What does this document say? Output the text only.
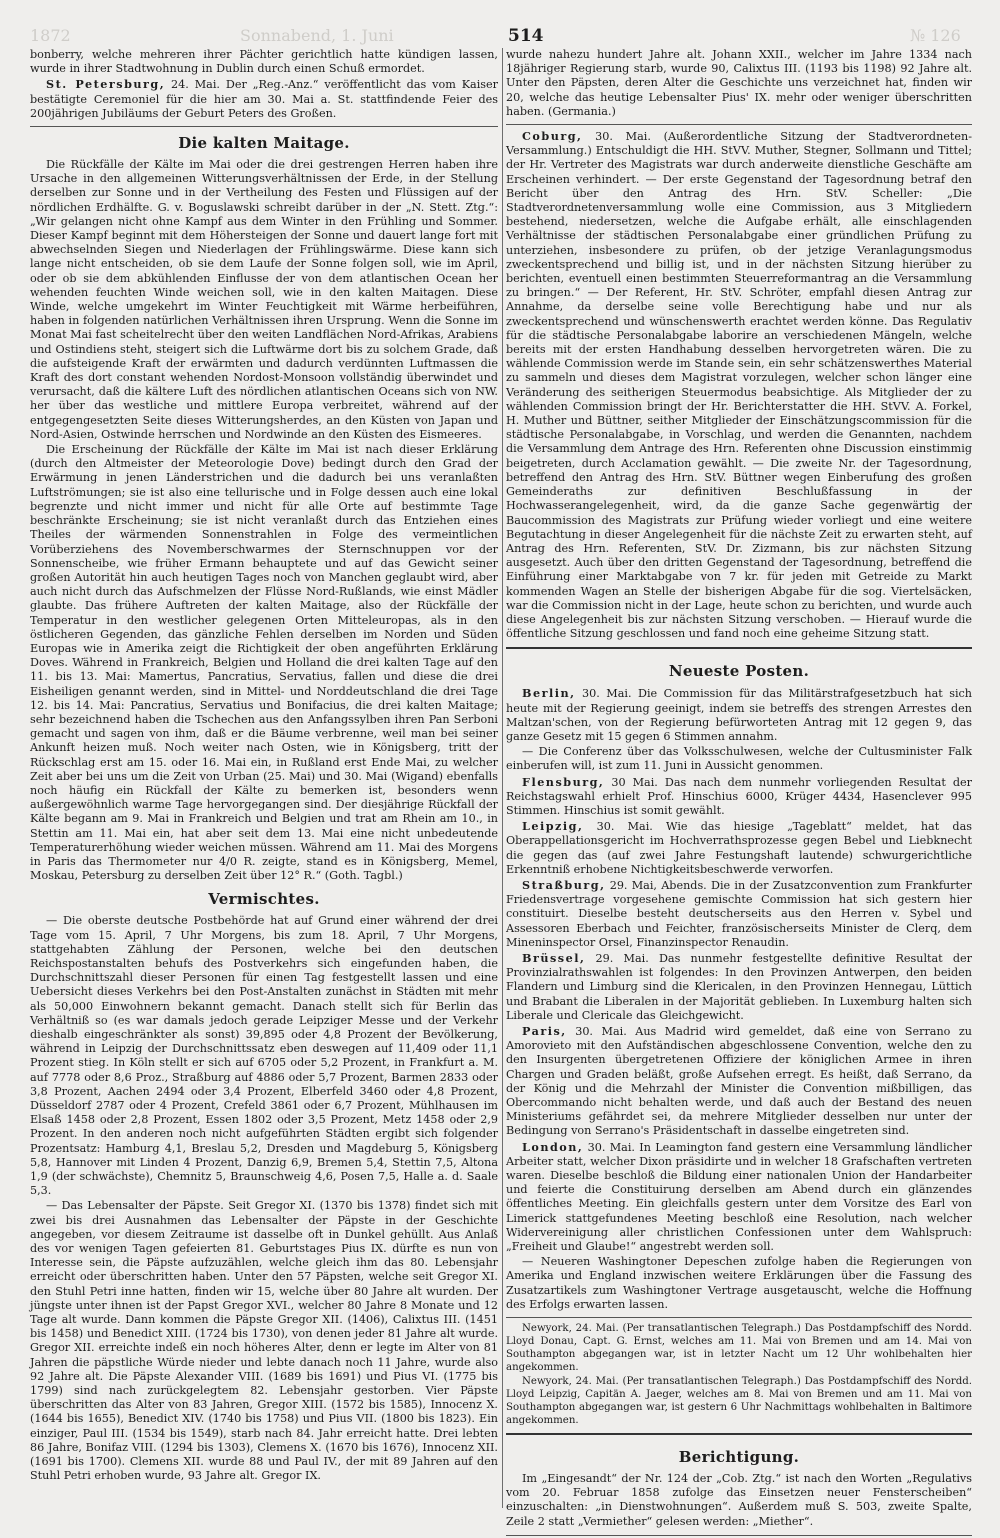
1872	Sonnabend, 1. Juni	514	№ 126

bonberry, welche mehreren ihrer Pächter gerichtlich hatte kündigen lassen, wurde in ihrer Stadtwohnung in Dublin durch einen Schuß ermordet.

St. Petersburg, 24. Mai. Der „Reg.-Anz.“ veröffentlicht das vom Kaiser bestätigte Ceremoniel für die hier am 30. Mai a. St. stattfindende Feier des 200jährigen Jubiläums der Geburt Peters des Großen.

Die kalten Maitage.

Die Rückfälle der Kälte im Mai oder die drei gestrengen Herren haben ihre Ursache in den allgemeinen Witterungsverhältnissen der Erde, in der Stellung derselben zur Sonne und in der Vertheilung des Festen und Flüssigen auf der nördlichen Erdhälfte. G. v. Boguslawski schreibt darüber in der „N. Stett. Ztg.“: „Wir gelangen nicht ohne Kampf aus dem Winter in den Frühling und Sommer. Dieser Kampf beginnt mit dem Höhersteigen der Sonne und dauert lange fort mit abwechselnden Siegen und Niederlagen der Frühlingswärme. Diese kann sich lange nicht entscheiden, ob sie dem Laufe der Sonne folgen soll, wie im April, oder ob sie dem abkühlenden Einflusse der von dem atlantischen Ocean her wehenden feuchten Winde weichen soll, wie in den kalten Maitagen. Diese Winde, welche umgekehrt im Winter Feuchtigkeit mit Wärme herbeiführen, haben in folgenden natürlichen Verhältnissen ihren Ursprung. Wenn die Sonne im Monat Mai fast scheitelrecht über den weiten Landflächen Nord-Afrikas, Arabiens und Ostindiens steht, steigert sich die Luftwärme dort bis zu solchem Grade, daß die aufsteigende Kraft der erwärmten und dadurch verdünnten Luftmassen die Kraft des dort constant wehenden Nordost-Monsoon vollständig überwindet und verursacht, daß die kältere Luft des nördlichen atlantischen Oceans sich von NW. her über das westliche und mittlere Europa verbreitet, während auf der entgegengesetzten Seite dieses Witterungsherdes, an den Küsten von Japan und Nord-Asien, Ostwinde herrschen und Nordwinde an den Küsten des Eismeeres.

Die Erscheinung der Rückfälle der Kälte im Mai ist nach dieser Erklärung (durch den Altmeister der Meteorologie Dove) bedingt durch den Grad der Erwärmung in jenen Länderstrichen und die dadurch bei uns veranlaßten Luftströmungen; sie ist also eine tellurische und in Folge dessen auch eine lokal begrenzte und nicht immer und nicht für alle Orte auf bestimmte Tage beschränkte Erscheinung; sie ist nicht veranlaßt durch das Entziehen eines Theiles der wärmenden Sonnenstrahlen in Folge des vermeintlichen Vorüberziehens des Novemberschwarmes der Sternschnuppen vor der Sonnenscheibe, wie früher Ermann behauptete und auf das Gewicht seiner großen Autorität hin auch heutigen Tages noch von Manchen geglaubt wird, aber auch nicht durch das Aufschmelzen der Flüsse Nord-Rußlands, wie einst Mädler glaubte. Das frühere Auftreten der kalten Maitage, also der Rückfälle der Temperatur in den westlicher gelegenen Orten Mitteleuropas, als in den östlicheren Gegenden, das gänzliche Fehlen derselben im Norden und Süden Europas wie in Amerika zeigt die Richtigkeit der oben angeführten Erklärung Doves. Während in Frankreich, Belgien und Holland die drei kalten Tage auf den 11. bis 13. Mai: Mamertus, Pancratius, Servatius, fallen und diese die drei Eisheiligen genannt werden, sind in Mittel- und Norddeutschland die drei Tage 12. bis 14. Mai: Pancratius, Servatius und Bonifacius, die drei kalten Maitage; sehr bezeichnend haben die Tschechen aus den Anfangssylben ihren Pan Serboni gemacht und sagen von ihm, daß er die Bäume verbrenne, weil man bei seiner Ankunft heizen muß. Noch weiter nach Osten, wie in Königsberg, tritt der Rückschlag erst am 15. oder 16. Mai ein, in Rußland erst Ende Mai, zu welcher Zeit aber bei uns um die Zeit von Urban (25. Mai) und 30. Mai (Wigand) ebenfalls noch häufig ein Rückfall der Kälte zu bemerken ist, besonders wenn außergewöhnlich warme Tage hervorgegangen sind. Der diesjährige Rückfall der Kälte begann am 9. Mai in Frankreich und Belgien und trat am Rhein am 10., in Stettin am 11. Mai ein, hat aber seit dem 13. Mai eine nicht unbedeutende Temperaturerhöhung wieder weichen müssen. Während am 11. Mai des Morgens in Paris das Thermometer nur 4/0 R. zeigte, stand es in Königsberg, Memel, Moskau, Petersburg zu derselben Zeit über 12° R.“ (Goth. Tagbl.)

Vermischtes.

— Die oberste deutsche Postbehörde hat auf Grund einer während der drei Tage vom 15. April, 7 Uhr Morgens, bis zum 18. April, 7 Uhr Morgens, stattgehabten Zählung der Personen, welche bei den deutschen Reichspostanstalten behufs des Postverkehrs sich eingefunden haben, die Durchschnittszahl dieser Personen für einen Tag festgestellt lassen und eine Uebersicht dieses Verkehrs bei den Post-Anstalten zunächst in Städten mit mehr als 50,000 Einwohnern bekannt gemacht. Danach stellt sich für Berlin das Verhältniß so (es war damals jedoch gerade Leipziger Messe und der Verkehr dieshalb eingeschränkter als sonst) 39,895 oder 4,8 Prozent der Bevölkerung, während in Leipzig der Durchschnittssatz eben deswegen auf 11,409 oder 11,1 Prozent stieg. In Köln stellt er sich auf 6705 oder 5,2 Prozent, in Frankfurt a. M. auf 7778 oder 8,6 Proz., Straßburg auf 4886 oder 5,7 Prozent, Barmen 2833 oder 3,8 Prozent, Aachen 2494 oder 3,4 Prozent, Elberfeld 3460 oder 4,8 Prozent, Düsseldorf 2787 oder 4 Prozent, Crefeld 3861 oder 6,7 Prozent, Mühlhausen im Elsaß 1458 oder 2,8 Prozent, Essen 1802 oder 3,5 Prozent, Metz 1458 oder 2,9 Prozent. In den anderen noch nicht aufgeführten Städten ergibt sich folgender Prozentsatz: Hamburg 4,1, Breslau 5,2, Dresden und Magdeburg 5, Königsberg 5,8, Hannover mit Linden 4 Prozent, Danzig 6,9, Bremen 5,4, Stettin 7,5, Altona 1,9 (der schwächste), Chemnitz 5, Braunschweig 4,6, Posen 7,5, Halle a. d. Saale 5,3.

— Das Lebensalter der Päpste. Seit Gregor XI. (1370 bis 1378) findet sich mit zwei bis drei Ausnahmen das Lebensalter der Päpste in der Geschichte angegeben, vor diesem Zeitraume ist dasselbe oft in Dunkel gehüllt. Aus Anlaß des vor wenigen Tagen gefeierten 81. Geburtstages Pius IX. dürfte es nun von Interesse sein, die Päpste aufzuzählen, welche gleich ihm das 80. Lebensjahr erreicht oder überschritten haben. Unter den 57 Päpsten, welche seit Gregor XI. den Stuhl Petri inne hatten, finden wir 15, welche über 80 Jahre alt wurden. Der jüngste unter ihnen ist der Papst Gregor XVI., welcher 80 Jahre 8 Monate und 12 Tage alt wurde. Dann kommen die Päpste Gregor XII. (1406), Calixtus III. (1451 bis 1458) und Benedict XIII. (1724 bis 1730), von denen jeder 81 Jahre alt wurde. Gregor XII. erreichte indeß ein noch höheres Alter, denn er legte im Alter von 81 Jahren die päpstliche Würde nieder und lebte danach noch 11 Jahre, wurde also 92 Jahre alt. Die Päpste Alexander VIII. (1689 bis 1691) und Pius VI. (1775 bis 1799) sind nach zurückgelegtem 82. Lebensjahr gestorben. Vier Päpste überschritten das Alter von 83 Jahren, Gregor XIII. (1572 bis 1585), Innocenz X. (1644 bis 1655), Benedict XIV. (1740 bis 1758) und Pius VII. (1800 bis 1823). Ein einziger, Paul III. (1534 bis 1549), starb nach 84. Jahr erreicht hatte. Drei lebten 86 Jahre, Bonifaz VIII. (1294 bis 1303), Clemens X. (1670 bis 1676), Innocenz XII. (1691 bis 1700). Clemens XII. wurde 88 und Paul IV., der mit 89 Jahren auf den Stuhl Petri erhoben wurde, 93 Jahre alt. Gregor IX.

wurde nahezu hundert Jahre alt. Johann XXII., welcher im Jahre 1334 nach 18jähriger Regierung starb, wurde 90, Calixtus III. (1193 bis 1198) 92 Jahre alt. Unter den Päpsten, deren Alter die Geschichte uns verzeichnet hat, finden wir 20, welche das heutige Lebensalter Pius' IX. mehr oder weniger überschritten haben. (Germania.)

Coburg, 30. Mai. (Außerordentliche Sitzung der Stadtverordneten-Versammlung.) Entschuldigt die HH. StVV. Muther, Stegner, Sollmann und Tittel; der Hr. Vertreter des Magistrats war durch anderweite dienstliche Geschäfte am Erscheinen verhindert. — Der erste Gegenstand der Tagesordnung betraf den Bericht über den Antrag des Hrn. StV. Scheller: „Die Stadtverordnetenversammlung wolle eine Commission, aus 3 Mitgliedern bestehend, niedersetzen, welche die Aufgabe erhält, alle einschlagenden Verhältnisse der städtischen Personalabgabe einer gründlichen Prüfung zu unterziehen, insbesondere zu prüfen, ob der jetzige Veranlagungsmodus zweckentsprechend und billig ist, und in der nächsten Sitzung hierüber zu berichten, eventuell einen bestimmten Steuerreformantrag an die Versammlung zu bringen.“ — Der Referent, Hr. StV. Schröter, empfahl diesen Antrag zur Annahme, da derselbe seine volle Berechtigung habe und nur als zweckentsprechend und wünschenswerth erachtet werden könne. Das Regulativ für die städtische Personalabgabe laborire an verschiedenen Mängeln, welche bereits mit der ersten Handhabung desselben hervorgetreten wären. Die zu wählende Commission werde im Stande sein, ein sehr schätzenswerthes Material zu sammeln und dieses dem Magistrat vorzulegen, welcher schon länger eine Veränderung des seitherigen Steuermodus beabsichtige. Als Mitglieder der zu wählenden Commission bringt der Hr. Berichterstatter die HH. StVV. A. Forkel, H. Muther und Büttner, seither Mitglieder der Einschätzungscommission für die städtische Personalabgabe, in Vorschlag, und werden die Genannten, nachdem die Versammlung dem Antrage des Hrn. Referenten ohne Discussion einstimmig beigetreten, durch Acclamation gewählt. — Die zweite Nr. der Tagesordnung, betreffend den Antrag des Hrn. StV. Büttner wegen Einberufung des großen Gemeinderaths zur definitiven Beschlußfassung in der Hochwasserangelegenheit, wird, da die ganze Sache gegenwärtig der Baucommission des Magistrats zur Prüfung wieder vorliegt und eine weitere Begutachtung in dieser Angelegenheit für die nächste Zeit zu erwarten steht, auf Antrag des Hrn. Referenten, StV. Dr. Zizmann, bis zur nächsten Sitzung ausgesetzt. Auch über den dritten Gegenstand der Tagesordnung, betreffend die Einführung einer Marktabgabe von 7 kr. für jeden mit Getreide zu Markt kommenden Wagen an Stelle der bisherigen Abgabe für die sog. Viertelsäcken, war die Commission nicht in der Lage, heute schon zu berichten, und wurde auch diese Angelegenheit bis zur nächsten Sitzung verschoben. — Hierauf wurde die öffentliche Sitzung geschlossen und fand noch eine geheime Sitzung statt.

Neueste Posten.

Berlin, 30. Mai. Die Commission für das Militärstrafgesetzbuch hat sich heute mit der Regierung geeinigt, indem sie betreffs des strengen Arrestes den Maltzan'schen, von der Regierung befürworteten Antrag mit 12 gegen 9, das ganze Gesetz mit 15 gegen 6 Stimmen annahm.

— Die Conferenz über das Volksschulwesen, welche der Cultusminister Falk einberufen will, ist zum 11. Juni in Aussicht genommen.

Flensburg, 30 Mai. Das nach dem nunmehr vorliegenden Resultat der Reichstagswahl erhielt Prof. Hinschius 6000, Krüger 4434, Hasenclever 995 Stimmen. Hinschius ist somit gewählt.

Leipzig, 30. Mai. Wie das hiesige „Tageblatt“ meldet, hat das Oberappellationsgericht im Hochverrathsprozesse gegen Bebel und Liebknecht die gegen das (auf zwei Jahre Festungshaft lautende) schwurgerichtliche Erkenntniß erhobene Nichtigkeitsbeschwerde verworfen.

Straßburg, 29. Mai, Abends. Die in der Zusatzconvention zum Frankfurter Friedensvertrage vorgesehene gemischte Commission hat sich gestern hier constituirt. Dieselbe besteht deutscherseits aus den Herren v. Sybel und Assessoren Eberbach und Feichter, französischerseits Minister de Clerq, dem Mineninspector Orsel, Finanzinspector Renaudin.

Brüssel, 29. Mai. Das nunmehr festgestellte definitive Resultat der Provinzialrathswahlen ist folgendes: In den Provinzen Antwerpen, den beiden Flandern und Limburg sind die Klericalen, in den Provinzen Hennegau, Lüttich und Brabant die Liberalen in der Majorität geblieben. In Luxemburg halten sich Liberale und Clericale das Gleichgewicht.

Paris, 30. Mai. Aus Madrid wird gemeldet, daß eine von Serrano zu Amorovieto mit den Aufständischen abgeschlossene Convention, welche den zu den Insurgenten übergetretenen Offiziere der königlichen Armee in ihren Chargen und Graden beläßt, große Aufsehen erregt. Es heißt, daß Serrano, da der König und die Mehrzahl der Minister die Convention mißbilligen, das Obercommando nicht behalten werde, und daß auch der Bestand des neuen Ministeriums gefährdet sei, da mehrere Mitglieder desselben nur unter der Bedingung von Serrano's Präsidentschaft in dasselbe eingetreten sind.

London, 30. Mai. In Leamington fand gestern eine Versammlung ländlicher Arbeiter statt, welcher Dixon präsidirte und in welcher 18 Grafschaften vertreten waren. Dieselbe beschloß die Bildung einer nationalen Union der Handarbeiter und feierte die Constituirung derselben am Abend durch ein glänzendes öffentliches Meeting. Ein gleichfalls gestern unter dem Vorsitze des Earl von Limerick stattgefundenes Meeting beschloß eine Resolution, nach welcher Widervereinigung aller christlichen Confessionen unter dem Wahlspruch: „Freiheit und Glaube!“ angestrebt werden soll.

— Neueren Washingtoner Depeschen zufolge haben die Regierungen von Amerika und England inzwischen weitere Erklärungen über die Fassung des Zusatzartikels zum Washingtoner Vertrage ausgetauscht, welche die Hoffnung des Erfolgs erwarten lassen.

Newyork, 24. Mai. (Per transatlantischen Telegraph.) Das Postdampfschiff des Nordd. Lloyd Donau, Capt. G. Ernst, welches am 11. Mai von Bremen und am 14. Mai von Southampton abgegangen war, ist in letzter Nacht um 12 Uhr wohlbehalten hier angekommen.

Newyork, 24. Mai. (Per transatlantischen Telegraph.) Das Postdampfschiff des Nordd. Lloyd Leipzig, Capitän A. Jaeger, welches am 8. Mai von Bremen und am 11. Mai von Southampton abgegangen war, ist gestern 6 Uhr Nachmittags wohlbehalten in Baltimore angekommen.

Berichtigung.

Im „Eingesandt“ der Nr. 124 der „Cob. Ztg.“ ist nach den Worten „Regulativs vom 20. Februar 1858 zufolge das Einsetzen neuer Fensterscheiben“ einzuschalten: „in Dienstwohnungen“. Außerdem muß S. 503, zweite Spalte, Zeile 2 statt „Vermiether“ gelesen werden: „Miether“.
